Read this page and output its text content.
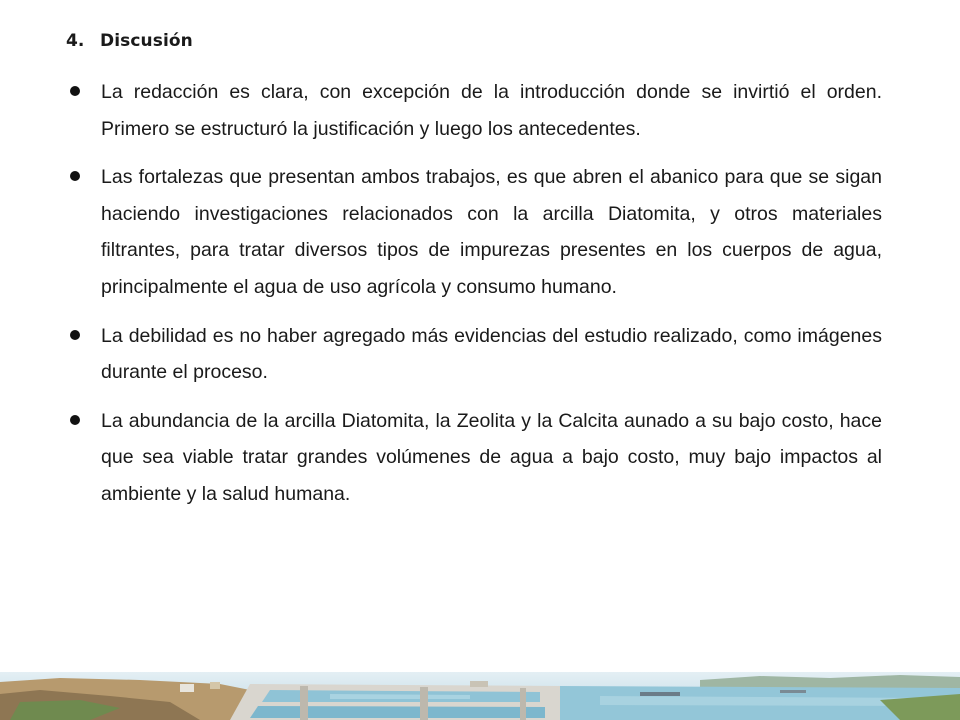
4. Discusión
La redacción es clara, con excepción de la introducción donde se invirtió el orden. Primero se estructuró la justificación y luego los antecedentes.
Las fortalezas que presentan ambos trabajos, es que abren el abanico para que se sigan haciendo investigaciones relacionados con la arcilla Diatomita, y otros materiales filtrantes, para tratar diversos tipos de impurezas presentes en los cuerpos de agua, principalmente el agua de uso agrícola y consumo humano.
La debilidad es no haber agregado más evidencias del estudio realizado, como imágenes durante el proceso.
La abundancia de la arcilla Diatomita, la Zeolita y la Calcita aunado a su bajo costo, hace que sea viable tratar grandes volúmenes de agua a bajo costo, muy bajo impactos al ambiente y la salud humana.
